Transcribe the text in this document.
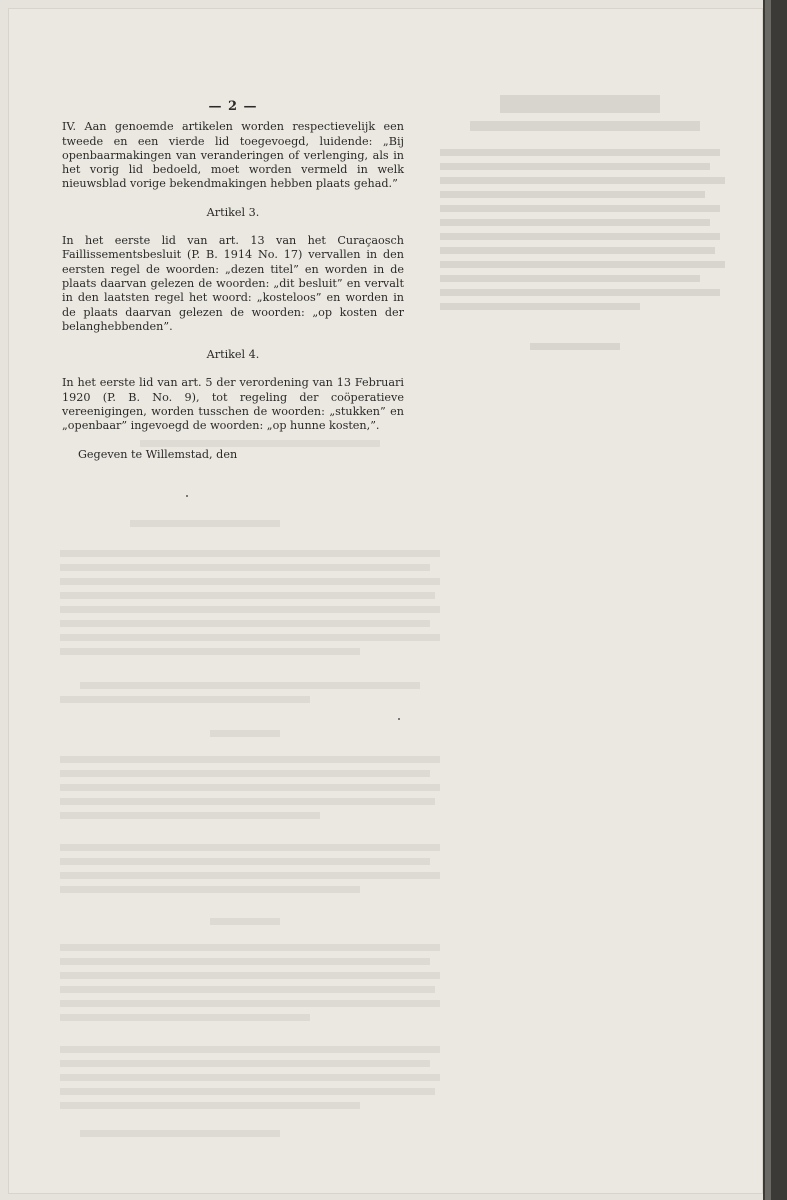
— 2 —

IV. Aan genoemde artikelen worden respectievelijk een tweede en een vierde lid toegevoegd, luidende: „Bij openbaarmakingen van veranderingen of verlenging, als in het vorig lid bedoeld, moet worden vermeld in welk nieuwsblad vorige bekendmakingen hebben plaats gehad.”

Artikel 3.

In het eerste lid van art. 13 van het Curaçaosch Faillissementsbesluit (P. B. 1914 No. 17) vervallen in den eersten regel de woorden: „dezen titel” en worden in de plaats daarvan gelezen de woorden: „dit besluit” en vervalt in den laatsten regel het woord: „kosteloos” en worden in de plaats daarvan gelezen de woorden: „op kosten der belanghebbenden”.

Artikel 4.

In het eerste lid van art. 5 der verordening van 13 Februari 1920 (P. B. No. 9), tot regeling der coöperatieve vereenigingen, worden tusschen de woorden: „stukken” en „openbaar” ingevoegd de woorden: „op hunne kosten,”.

Gegeven te Willemstad, den
